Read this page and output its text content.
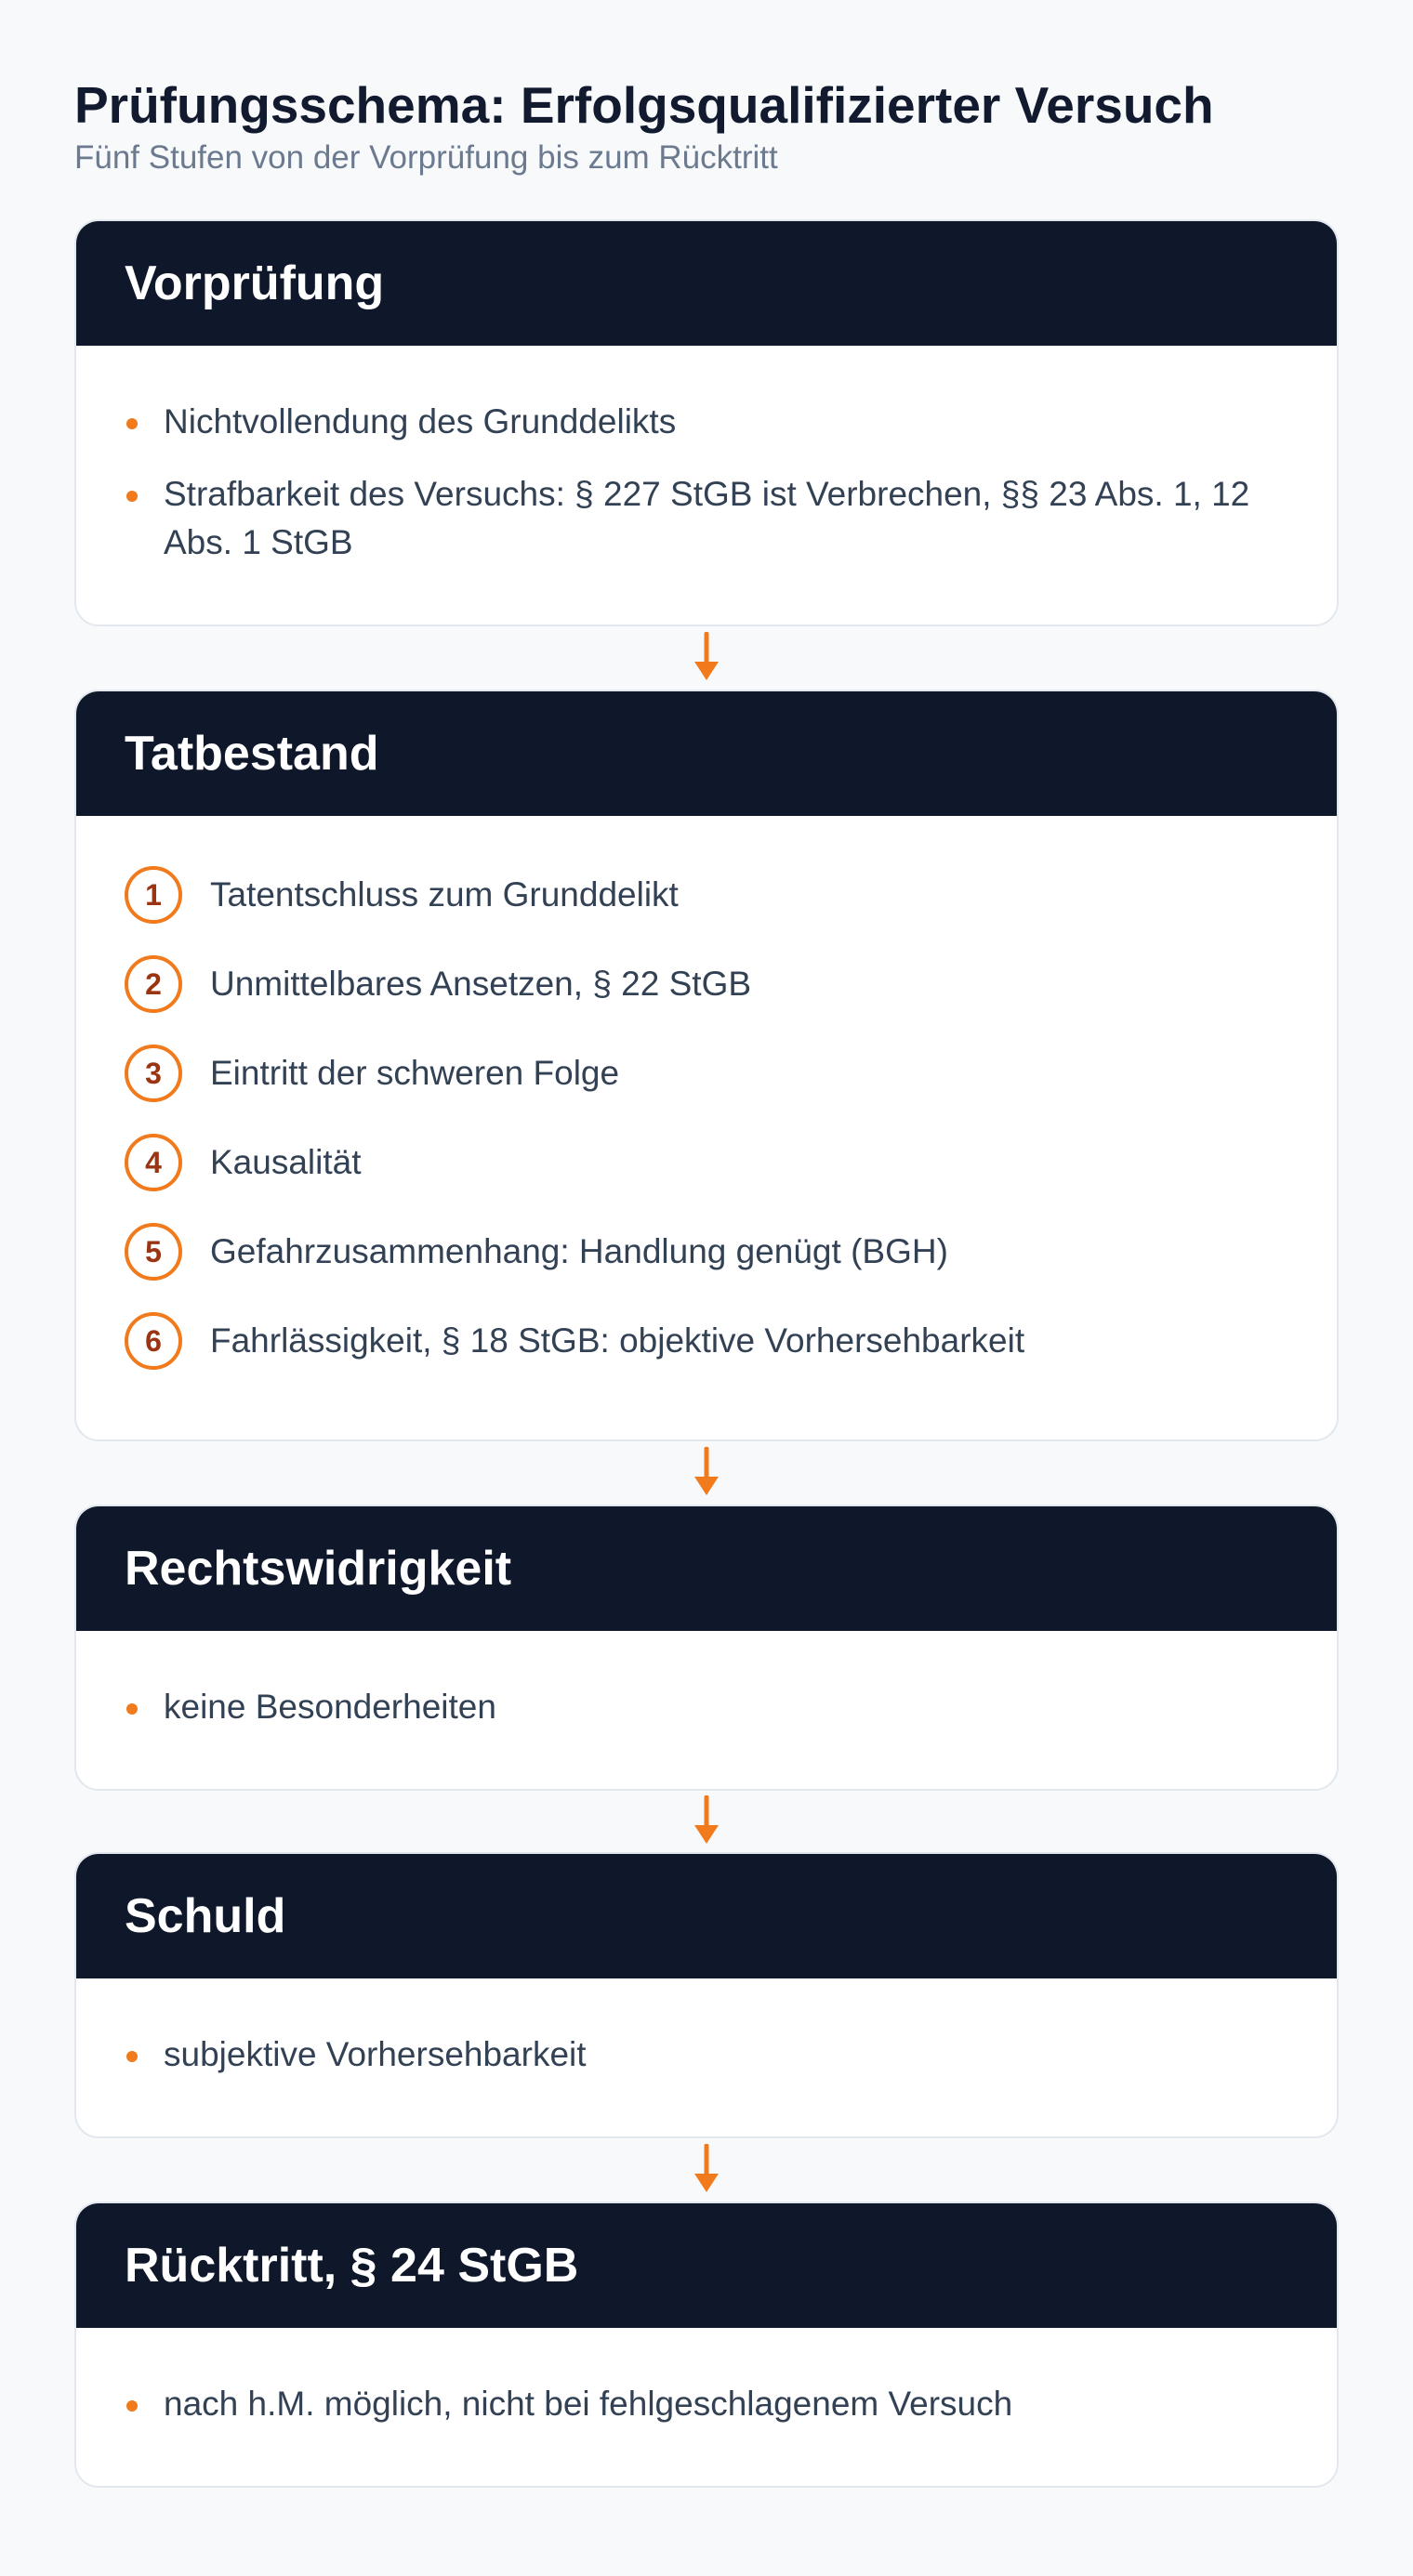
Prüfungsschema: Erfolgsqualifizierter Versuch

Fünf Stufen von der Vorprüfung bis zum Rücktritt

Vorprüfung
Nichtvollendung des Grunddelikts
Strafbarkeit des Versuchs: § 227 StGB ist Verbrechen, §§ 23 Abs. 1, 12 Abs. 1 StGB
Tatbestand
1	Tatentschluss zum Grunddelikt
2	Unmittelbares Ansetzen, § 22 StGB
3	Eintritt der schweren Folge
4	Kausalität
5	Gefahrzusammenhang: Handlung genügt (BGH)
6	Fahrlässigkeit, § 18 StGB: objektive Vorhersehbarkeit
Rechtswidrigkeit
keine Besonderheiten
Schuld
subjektive Vorhersehbarkeit
Rücktritt, § 24 StGB
nach h.M. möglich, nicht bei fehlgeschlagenem Versuch
